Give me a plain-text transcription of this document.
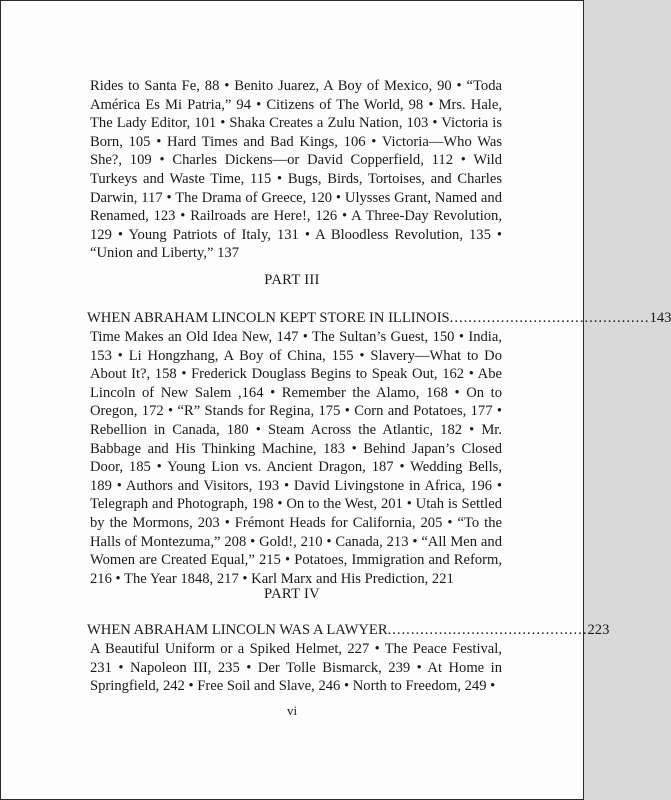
Rides to Santa Fe, 88 • Benito Juarez, A Boy of Mexico, 90 • “Toda América Es Mi Patria,” 94 • Citizens of The World, 98 • Mrs. Hale, The Lady Editor, 101 • Shaka Creates a Zulu Nation, 103 • Victoria is Born, 105 • Hard Times and Bad Kings, 106 • Victoria—Who Was She?, 109 • Charles Dickens—or David Copperfield, 112 • Wild Turkeys and Waste Time, 115 • Bugs, Birds, Tortoises, and Charles Darwin, 117 • The Drama of Greece, 120 • Ulysses Grant, Named and Renamed, 123 • Railroads are Here!, 126 • A Three-Day Revolution, 129 • Young Patriots of Italy, 131 • A Bloodless Revolution, 135 • “Union and Liberty,” 137
PART III
WHEN ABRAHAM LINCOLN KEPT STORE IN ILLINOIS ........................................... 143
Time Makes an Old Idea New, 147 • The Sultan’s Guest, 150 • India, 153 • Li Hongzhang, A Boy of China, 155 • Slavery—What to Do About It?, 158 • Frederick Douglass Begins to Speak Out, 162 • Abe Lincoln of New Salem ,164 • Remember the Alamo, 168 • On to Oregon, 172 • “R” Stands for Regina, 175 • Corn and Potatoes, 177 • Rebellion in Canada, 180 • Steam Across the Atlantic, 182 • Mr. Babbage and His Thinking Machine, 183 • Behind Japan’s Closed Door, 185 • Young Lion vs. Ancient Dragon, 187 • Wedding Bells, 189 • Authors and Visitors, 193 • David Livingstone in Africa, 196 • Telegraph and Photograph, 198 • On to the West, 201 • Utah is Settled by the Mormons, 203 • Frémont Heads for California, 205 • “To the Halls of Montezuma,” 208 • Gold!, 210 • Canada, 213 • “All Men and Women are Created Equal,” 215 • Potatoes, Immigration and Reform, 216 • The Year 1848, 217 • Karl Marx and His Prediction, 221
PART IV
WHEN ABRAHAM LINCOLN WAS A LAWYER ........................................... 223
A Beautiful Uniform or a Spiked Helmet, 227 • The Peace Festival, 231 • Napoleon III, 235 • Der Tolle Bismarck, 239 • At Home in Springfield, 242 • Free Soil and Slave, 246 • North to Freedom, 249 •
vi
